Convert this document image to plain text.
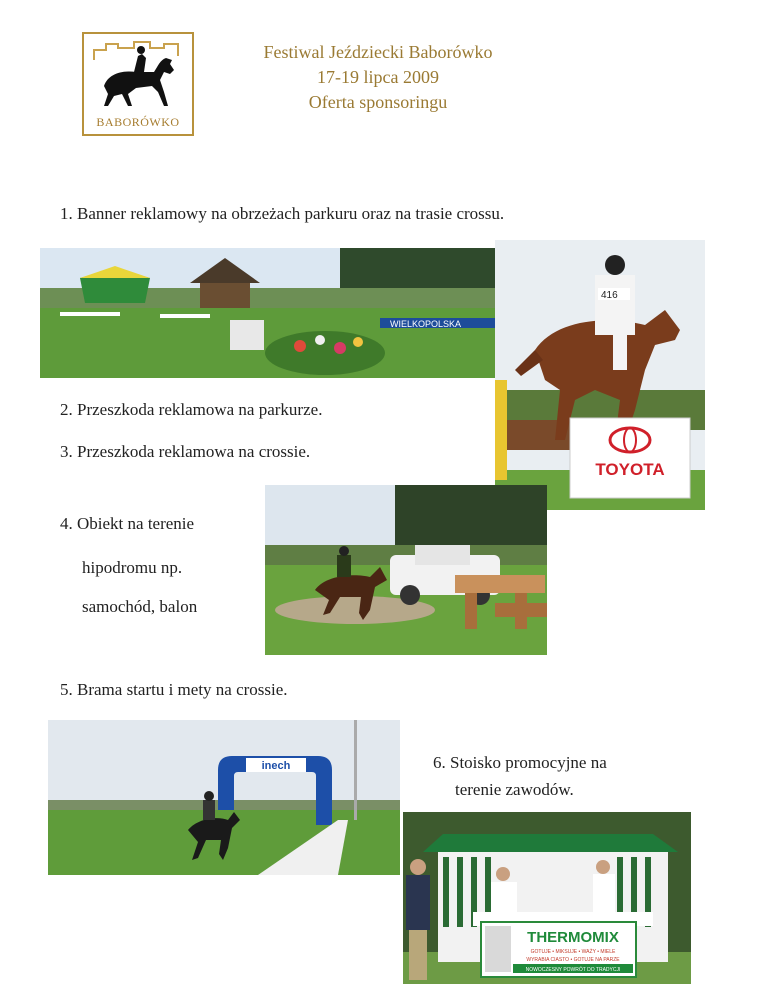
BABORÓWKO
Festiwal Jeździecki Baborówko
17-19 lipca 2009
Oferta sponsoringu
1. Banner reklamowy na obrzeżach parkuru oraz na trasie crossu.
WIELKOPOLSKA
416
TOYOTA
2. Przeszkoda reklamowa na parkurze.
3. Przeszkoda reklamowa na crossie.
4. Obiekt na terenie
hipodromu np.
samochód, balon
5. Brama startu i mety na crossie.
inech	6. Stoisko promocyjne na
terenie zawodów.
THERMOMIX
GOTUJE • MIKSUJE • WAŻY • MIELE
WYRABIA CIASTO • GOTUJE NA PARZE
NOWOCZESNY POWRÓT DO TRADYCJI
